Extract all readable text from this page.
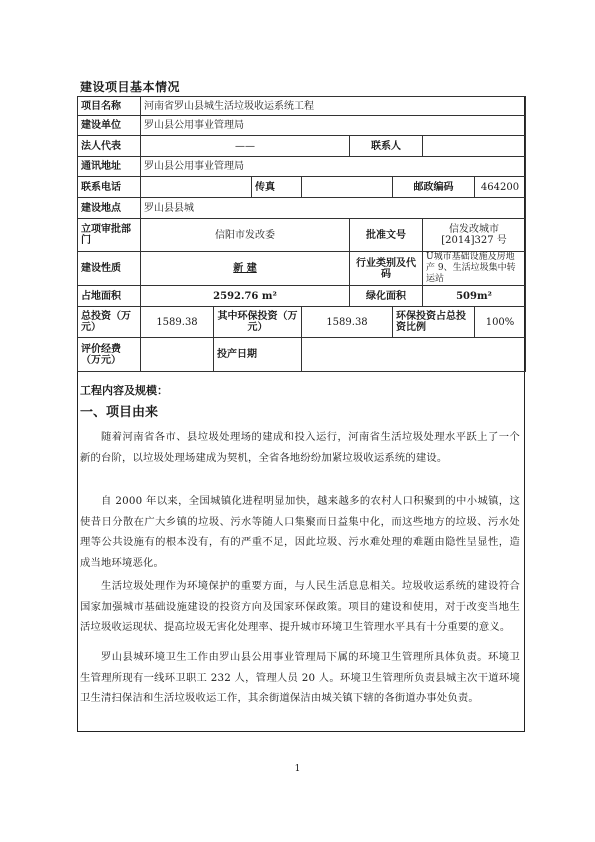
建设项目基本情况
项目名称	河南省罗山县城生活垃圾收运系统工程							
建设单位	罗山县公用事业管理局							
法人代表	——				联系人			
通讯地址	罗山县公用事业管理局							
联系电话			传真			邮政编码		464200
建设地点	罗山县县城							
立项审批部门	信阳市发改委				批准文号		信发改城市[2014]327 号	
建设性质	新 建				行业类别及代码		U城市基础设施及房地产 9、生活垃圾集中转运站	
占地面积	2592.76 m²				绿化面积		509m²	
总投资（万元）	1589.38	其中环保投资（万元）		1589.38		环保投资占总投资比例		100%
评价经费（万元）		投产日期						
工程内容及规模：
一、项目由来

随着河南省各市、县垃圾处理场的建成和投入运行，河南省生活垃圾处理水平跃上了一个新的台阶，以垃圾处理场建成为契机，全省各地纷纷加紧垃圾收运系统的建设。

自 2000 年以来，全国城镇化进程明显加快，越来越多的农村人口积聚到的中小城镇，这使昔日分散在广大乡镇的垃圾、污水等随人口集聚而日益集中化，而这些地方的垃圾、污水处理等公共设施有的根本没有，有的严重不足，因此垃圾、污水难处理的难题由隐性呈显性，造成当地环境恶化。

生活垃圾处理作为环境保护的重要方面，与人民生活息息相关。垃圾收运系统的建设符合国家加强城市基础设施建设的投资方向及国家环保政策。项目的建设和使用，对于改变当地生活垃圾收运现状、提高垃圾无害化处理率、提升城市环境卫生管理水平具有十分重要的意义。

罗山县城环境卫生工作由罗山县公用事业管理局下属的环境卫生管理所具体负责。环境卫生管理所现有一线环卫职工 232 人，管理人员 20 人。环境卫生管理所负责县城主次干道环境卫生清扫保洁和生活垃圾收运工作，其余街道保洁由城关镇下辖的各街道办事处负责。

1
